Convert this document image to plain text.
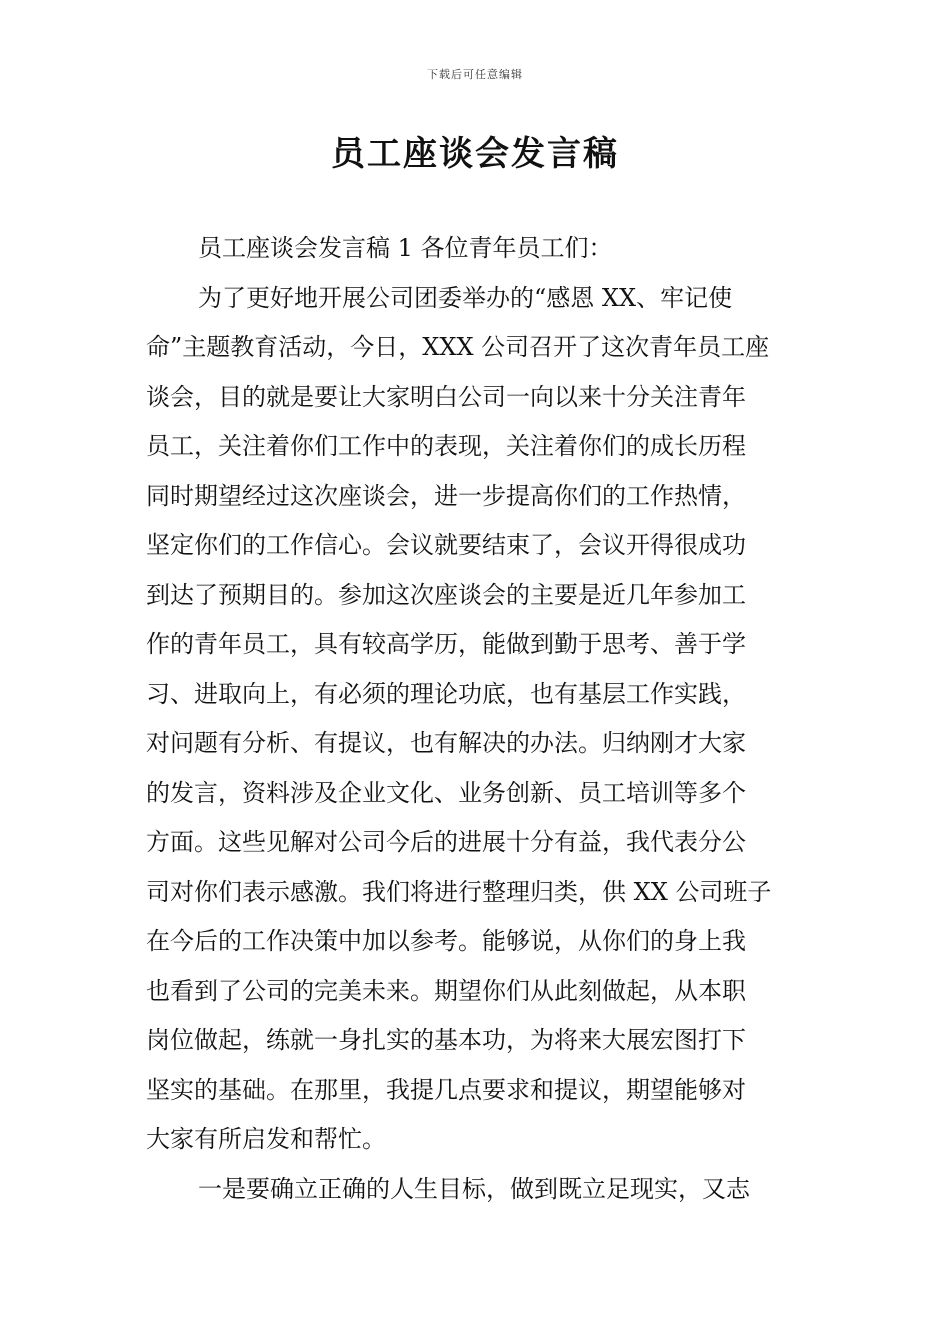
下载后可任意编辑
员工座谈会发言稿
员工座谈会发言稿 1 各位青年员工们：
为了更好地开展公司团委举办的“感恩 XX、牢记使
命”主题教育活动，今日，XXX 公司召开了这次青年员工座
谈会，目的就是要让大家明白公司一向以来十分关注青年
员工，关注着你们工作中的表现，关注着你们的成长历程
同时期望经过这次座谈会，进一步提高你们的工作热情，
坚定你们的工作信心。会议就要结束了，会议开得很成功
到达了预期目的。参加这次座谈会的主要是近几年参加工
作的青年员工，具有较高学历，能做到勤于思考、善于学
习、进取向上，有必须的理论功底，也有基层工作实践，
对问题有分析、有提议，也有解决的办法。归纳刚才大家
的发言，资料涉及企业文化、业务创新、员工培训等多个
方面。这些见解对公司今后的进展十分有益，我代表分公
司对你们表示感激。我们将进行整理归类，供 XX 公司班子
在今后的工作决策中加以参考。能够说，从你们的身上我
也看到了公司的完美未来。期望你们从此刻做起，从本职
岗位做起，练就一身扎实的基本功，为将来大展宏图打下
坚实的基础。在那里，我提几点要求和提议，期望能够对
大家有所启发和帮忙。
一是要确立正确的人生目标，做到既立足现实，又志
